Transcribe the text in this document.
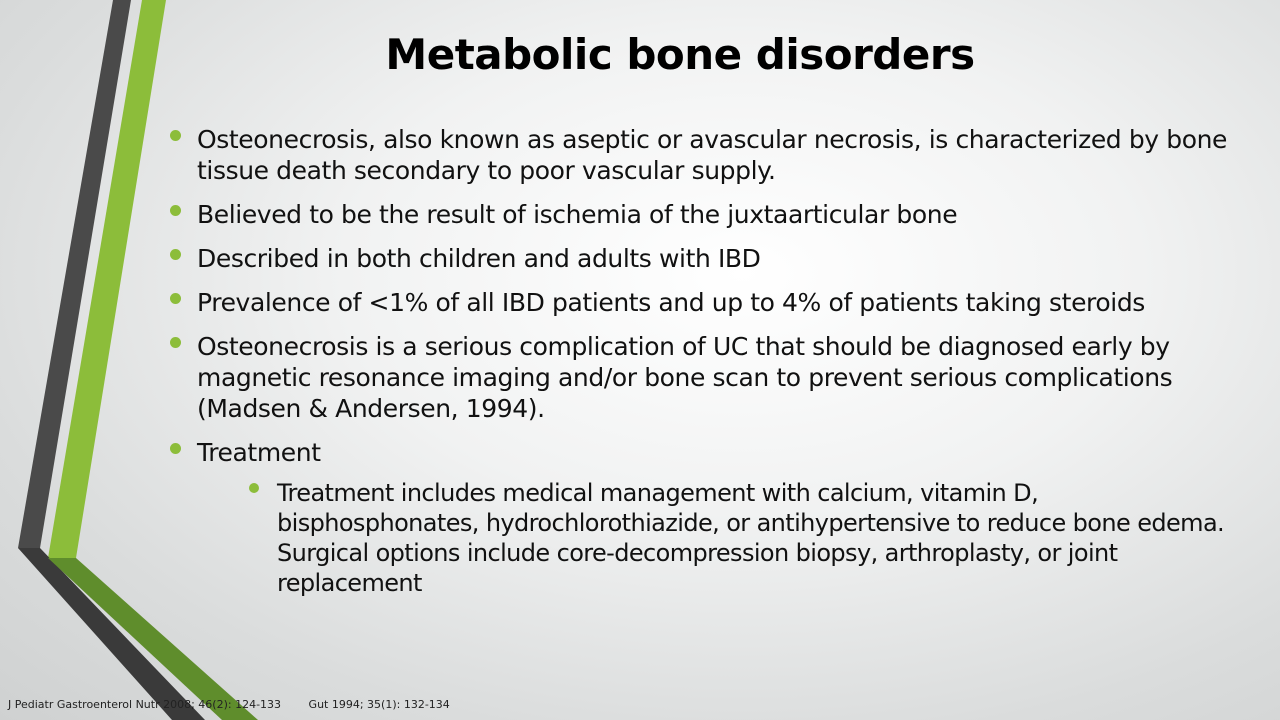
Metabolic bone disorders
Osteonecrosis, also known as aseptic or avascular necrosis, is characterized by bone tissue death secondary to poor vascular supply.
Believed to be the result of ischemia of the juxtaarticular bone
Described in both children and adults with IBD
Prevalence of <1% of all IBD patients and up to 4% of patients taking steroids
Osteonecrosis is a serious complication of UC that should be diagnosed early by magnetic resonance imaging and/or bone scan to prevent serious complications (Madsen & Andersen, 1994).
Treatment
Treatment includes medical management with calcium, vitamin D, bisphosphonates, hydrochlorothiazide, or antihypertensive to reduce bone edema. Surgical options include core-decompression biopsy, arthroplasty, or joint replacement
J Pediatr Gastroenterol Nutr 2008; 46(2): 124-133	Gut 1994; 35(1): 132-134
